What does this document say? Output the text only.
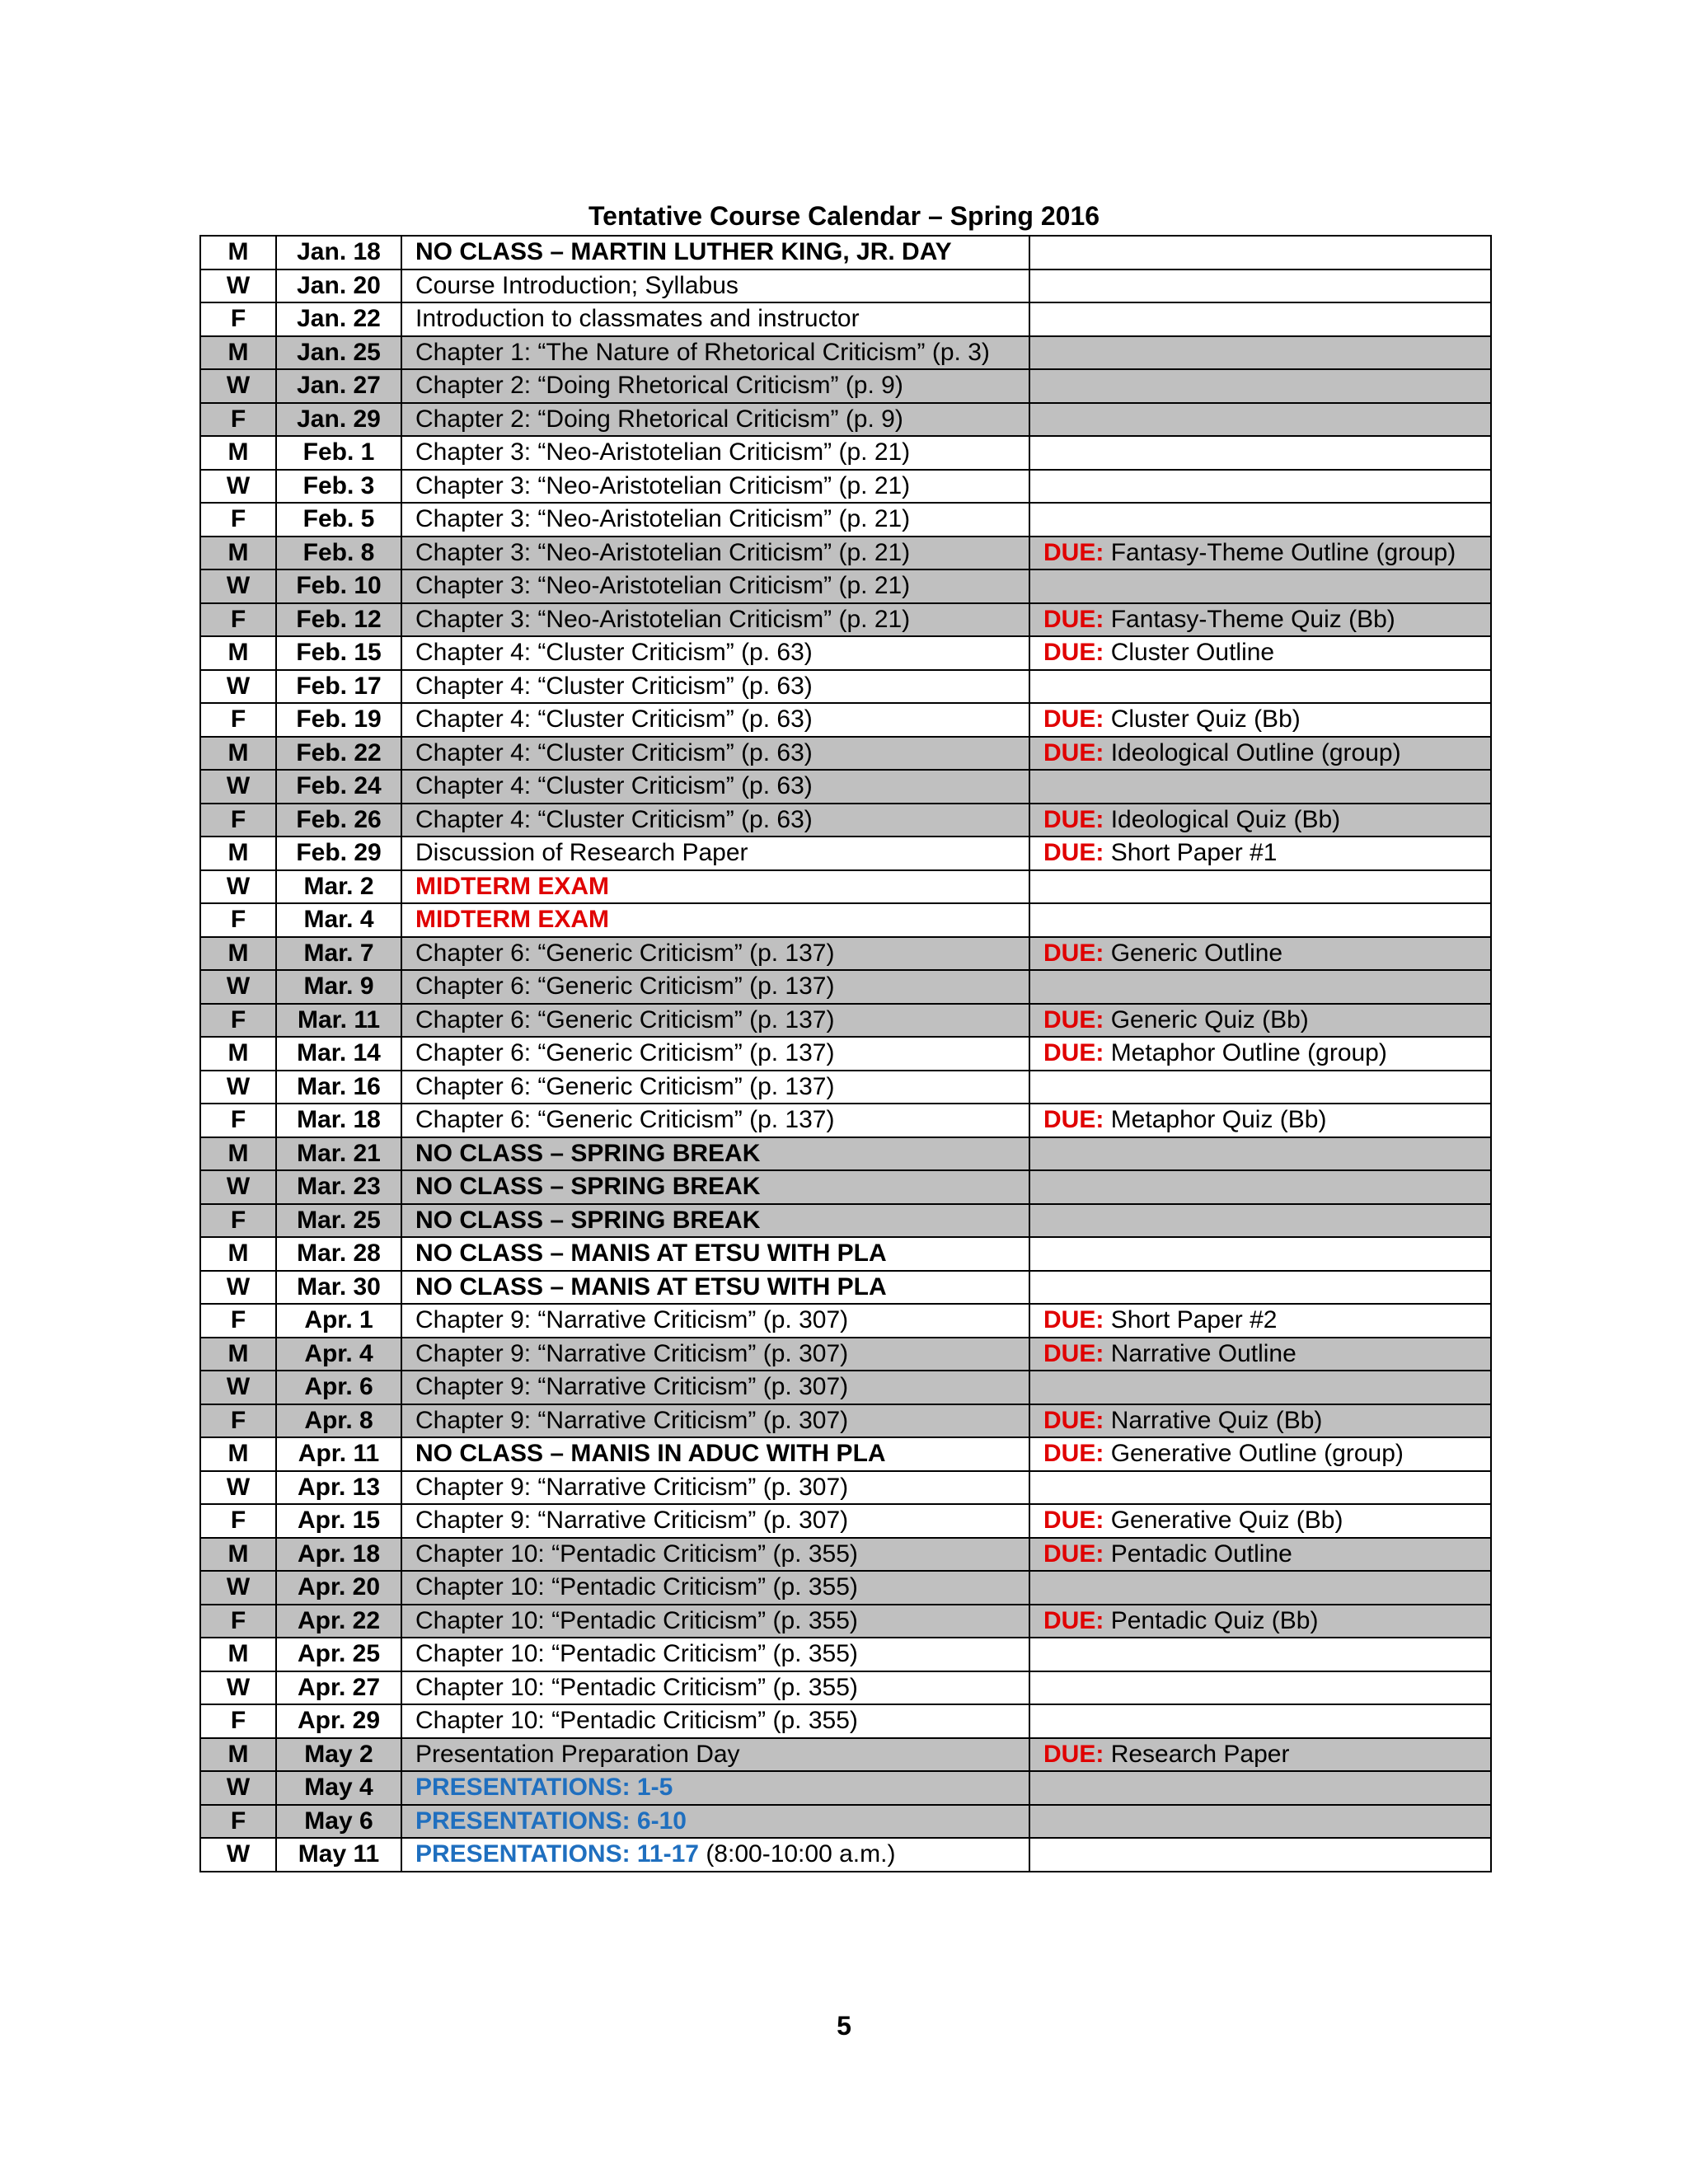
Tentative Course Calendar – Spring 2016
M	Jan. 18	NO CLASS – MARTIN LUTHER KING, JR. DAY	
W	Jan. 20	Course Introduction; Syllabus	
F	Jan. 22	Introduction to classmates and instructor	
M	Jan. 25	Chapter 1: “The Nature of Rhetorical Criticism” (p. 3)	
W	Jan. 27	Chapter 2: “Doing Rhetorical Criticism” (p. 9)	
F	Jan. 29	Chapter 2: “Doing Rhetorical Criticism” (p. 9)	
M	Feb. 1	Chapter 3: “Neo-Aristotelian Criticism” (p. 21)	
W	Feb. 3	Chapter 3: “Neo-Aristotelian Criticism” (p. 21)	
F	Feb. 5	Chapter 3: “Neo-Aristotelian Criticism” (p. 21)	
M	Feb. 8	Chapter 3: “Neo-Aristotelian Criticism” (p. 21)	DUE: Fantasy-Theme Outline (group)
W	Feb. 10	Chapter 3: “Neo-Aristotelian Criticism” (p. 21)	
F	Feb. 12	Chapter 3: “Neo-Aristotelian Criticism” (p. 21)	DUE: Fantasy-Theme Quiz (Bb)
M	Feb. 15	Chapter 4: “Cluster Criticism” (p. 63)	DUE: Cluster Outline
W	Feb. 17	Chapter 4: “Cluster Criticism” (p. 63)	
F	Feb. 19	Chapter 4: “Cluster Criticism” (p. 63)	DUE: Cluster Quiz (Bb)
M	Feb. 22	Chapter 4: “Cluster Criticism” (p. 63)	DUE: Ideological Outline (group)
W	Feb. 24	Chapter 4: “Cluster Criticism” (p. 63)	
F	Feb. 26	Chapter 4: “Cluster Criticism” (p. 63)	DUE: Ideological Quiz (Bb)
M	Feb. 29	Discussion of Research Paper	DUE: Short Paper #1
W	Mar. 2	MIDTERM EXAM	
F	Mar. 4	MIDTERM EXAM	
M	Mar. 7	Chapter 6: “Generic Criticism” (p. 137)	DUE: Generic Outline
W	Mar. 9	Chapter 6: “Generic Criticism” (p. 137)	
F	Mar. 11	Chapter 6: “Generic Criticism” (p. 137)	DUE: Generic Quiz (Bb)
M	Mar. 14	Chapter 6: “Generic Criticism” (p. 137)	DUE: Metaphor Outline (group)
W	Mar. 16	Chapter 6: “Generic Criticism” (p. 137)	
F	Mar. 18	Chapter 6: “Generic Criticism” (p. 137)	DUE: Metaphor Quiz (Bb)
M	Mar. 21	NO CLASS – SPRING BREAK	
W	Mar. 23	NO CLASS – SPRING BREAK	
F	Mar. 25	NO CLASS – SPRING BREAK	
M	Mar. 28	NO CLASS – MANIS AT ETSU WITH PLA	
W	Mar. 30	NO CLASS – MANIS AT ETSU WITH PLA	
F	Apr. 1	Chapter 9: “Narrative Criticism” (p. 307)	DUE: Short Paper #2
M	Apr. 4	Chapter 9: “Narrative Criticism” (p. 307)	DUE: Narrative Outline
W	Apr. 6	Chapter 9: “Narrative Criticism” (p. 307)	
F	Apr. 8	Chapter 9: “Narrative Criticism” (p. 307)	DUE: Narrative Quiz (Bb)
M	Apr. 11	NO CLASS – MANIS IN ADUC WITH PLA	DUE: Generative Outline (group)
W	Apr. 13	Chapter 9: “Narrative Criticism” (p. 307)	
F	Apr. 15	Chapter 9: “Narrative Criticism” (p. 307)	DUE: Generative Quiz (Bb)
M	Apr. 18	Chapter 10: “Pentadic Criticism” (p. 355)	DUE: Pentadic Outline
W	Apr. 20	Chapter 10: “Pentadic Criticism” (p. 355)	
F	Apr. 22	Chapter 10: “Pentadic Criticism” (p. 355)	DUE: Pentadic Quiz (Bb)
M	Apr. 25	Chapter 10: “Pentadic Criticism” (p. 355)	
W	Apr. 27	Chapter 10: “Pentadic Criticism” (p. 355)	
F	Apr. 29	Chapter 10: “Pentadic Criticism” (p. 355)	
M	May 2	Presentation Preparation Day	DUE: Research Paper
W	May 4	PRESENTATIONS: 1-5	
F	May 6	PRESENTATIONS: 6-10	
W	May 11	PRESENTATIONS: 11-17 (8:00-10:00 a.m.)	
5
